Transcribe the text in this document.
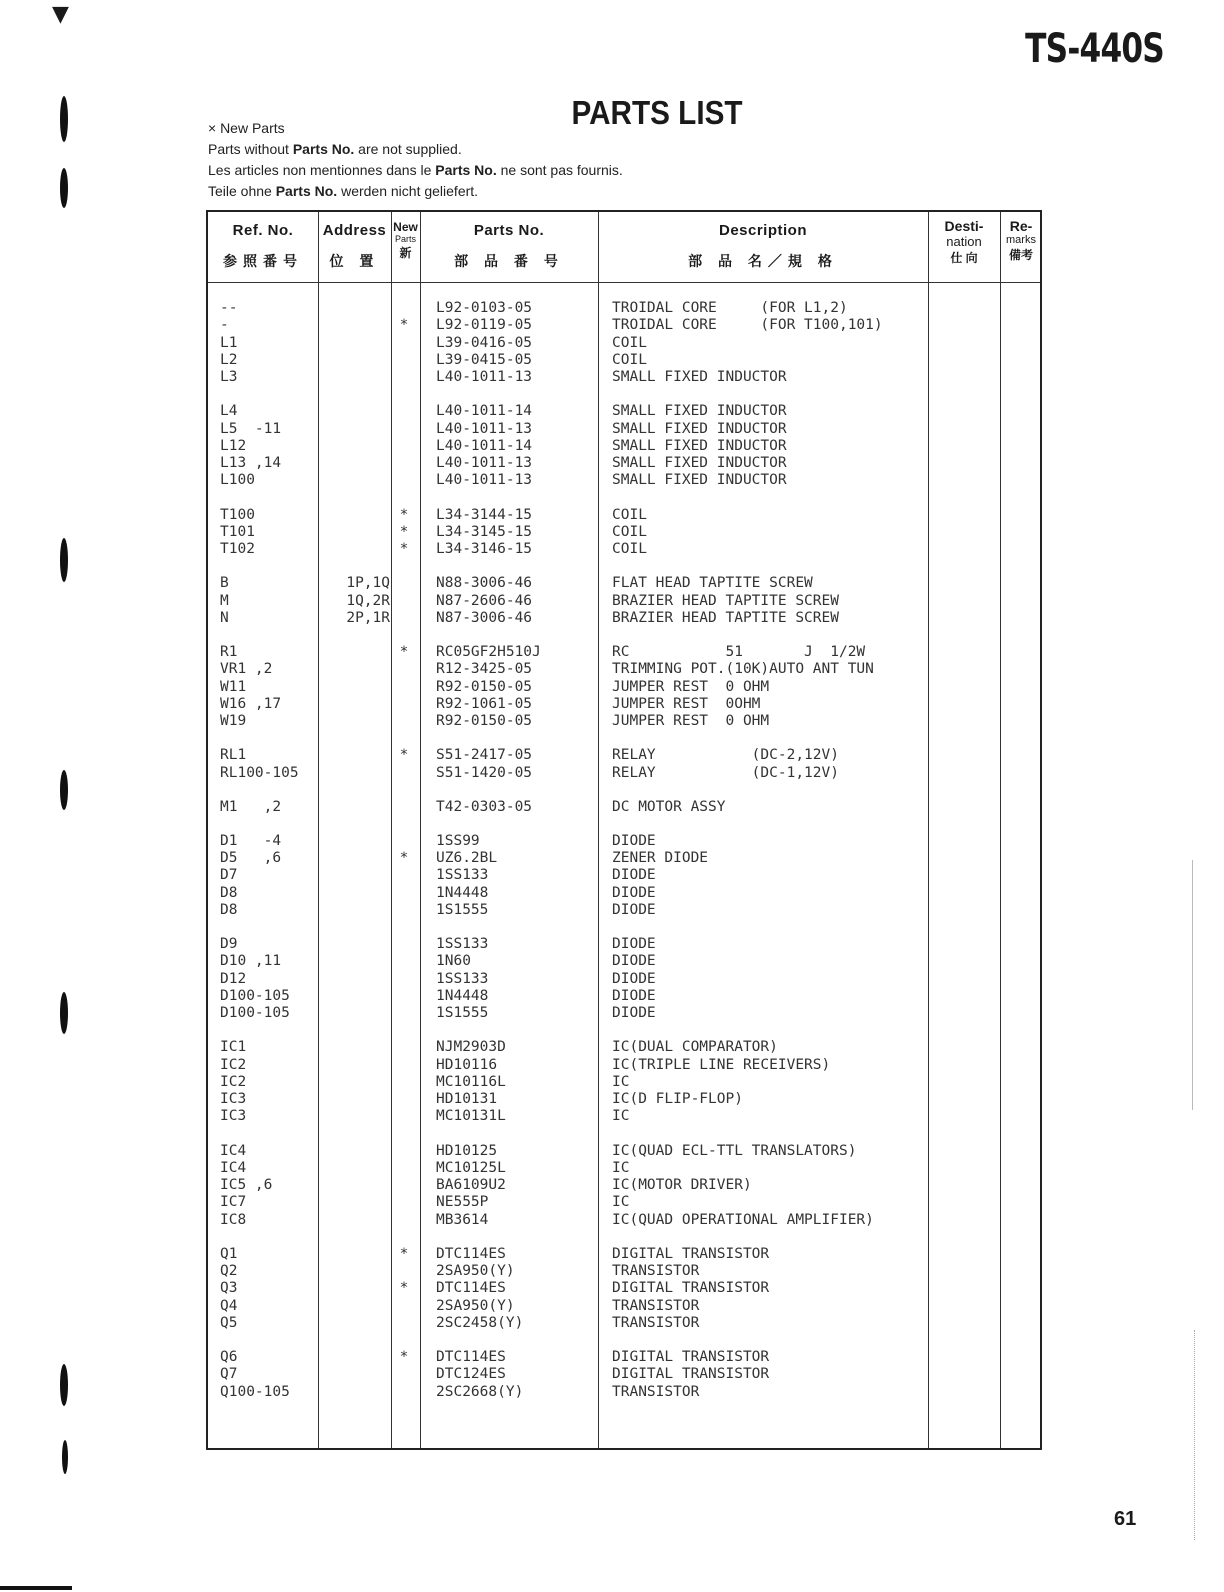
▼
TS-440S
PARTS LIST
× New Parts
Parts without Parts No. are not supplied.
Les articles non mentionnes dans le Parts No. ne sont pas fournis.
Teile ohne Parts No. werden nicht geliefert.
Ref. No.
参照番号
Address
位 置
New
Parts
新
Parts No.
部 品 番 号
Description
部 品 名／規 格
Desti-
nation
仕 向
Re-
marks
備考
--	L92-0103-05	TROIDAL CORE     (FOR L1,2)
-	*	L92-0119-05	TROIDAL CORE     (FOR T100,101)
L1	L39-0416-05	COIL
L2	L39-0415-05	COIL
L3	L40-1011-13	SMALL FIXED INDUCTOR
L4	L40-1011-14	SMALL FIXED INDUCTOR
L5  -11	L40-1011-13	SMALL FIXED INDUCTOR
L12	L40-1011-14	SMALL FIXED INDUCTOR
L13 ,14	L40-1011-13	SMALL FIXED INDUCTOR
L100	L40-1011-13	SMALL FIXED INDUCTOR
T100	*	L34-3144-15	COIL
T101	*	L34-3145-15	COIL
T102	*	L34-3146-15	COIL
B	1P,1Q	N88-3006-46	FLAT HEAD TAPTITE SCREW
M	1Q,2R	N87-2606-46	BRAZIER HEAD TAPTITE SCREW
N	2P,1R	N87-3006-46	BRAZIER HEAD TAPTITE SCREW
R1	*	RC05GF2H510J	RC           51       J  1/2W
VR1 ,2	R12-3425-05	TRIMMING POT.(10K)AUTO ANT TUN
W11	R92-0150-05	JUMPER REST  0 OHM
W16 ,17	R92-1061-05	JUMPER REST  0OHM
W19	R92-0150-05	JUMPER REST  0 OHM
RL1	*	S51-2417-05	RELAY           (DC-2,12V)
RL100-105	S51-1420-05	RELAY           (DC-1,12V)
M1   ,2	T42-0303-05	DC MOTOR ASSY
D1   -4	1SS99	DIODE
D5   ,6	*	UZ6.2BL	ZENER DIODE
D7	1SS133	DIODE
D8	1N4448	DIODE
D8	1S1555	DIODE
D9	1SS133	DIODE
D10 ,11	1N60	DIODE
D12	1SS133	DIODE
D100-105	1N4448	DIODE
D100-105	1S1555	DIODE
IC1	NJM2903D	IC(DUAL COMPARATOR)
IC2	HD10116	IC(TRIPLE LINE RECEIVERS)
IC2	MC10116L	IC
IC3	HD10131	IC(D FLIP-FLOP)
IC3	MC10131L	IC
IC4	HD10125	IC(QUAD ECL-TTL TRANSLATORS)
IC4	MC10125L	IC
IC5 ,6	BA6109U2	IC(MOTOR DRIVER)
IC7	NE555P	IC
IC8	MB3614	IC(QUAD OPERATIONAL AMPLIFIER)
Q1	*	DTC114ES	DIGITAL TRANSISTOR
Q2	2SA950(Y)	TRANSISTOR
Q3	*	DTC114ES	DIGITAL TRANSISTOR
Q4	2SA950(Y)	TRANSISTOR
Q5	2SC2458(Y)	TRANSISTOR
Q6	*	DTC114ES	DIGITAL TRANSISTOR
Q7	DTC124ES	DIGITAL TRANSISTOR
Q100-105	2SC2668(Y)	TRANSISTOR
61
